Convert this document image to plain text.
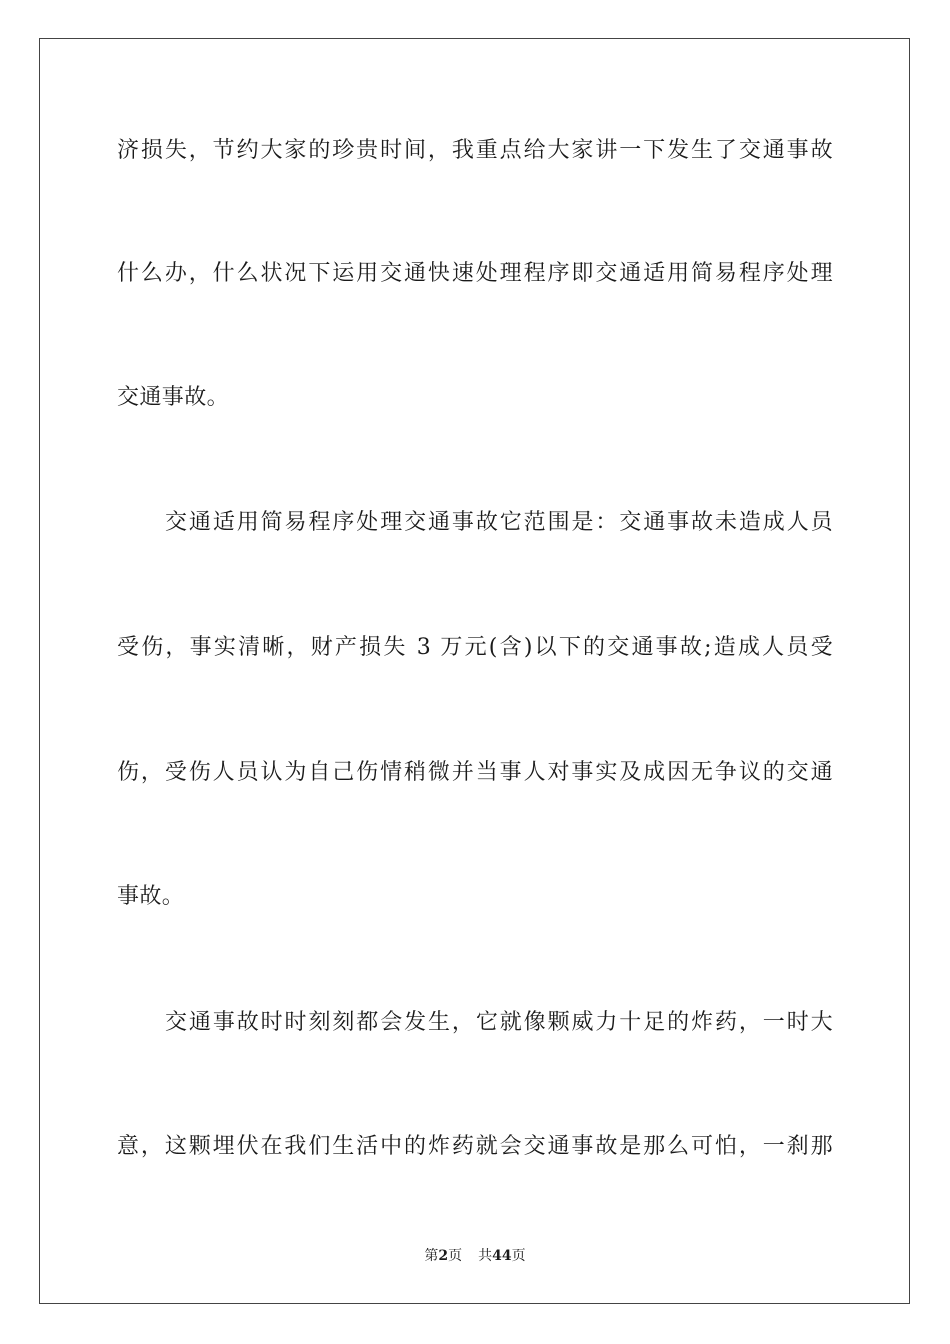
济损失，节约大家的珍贵时间，我重点给大家讲一下发生了交通事故
什么办，什么状况下运用交通快速处理程序即交通适用简易程序处理
交通事故。
交通适用简易程序处理交通事故它范围是：交通事故未造成人员
受伤，事实清晰，财产损失 3 万元(含)以下的交通事故;造成人员受
伤，受伤人员认为自己伤情稍微并当事人对事实及成因无争议的交通
事故。
交通事故时时刻刻都会发生，它就像颗威力十足的炸药，一时大
意，这颗埋伏在我们生活中的炸药就会交通事故是那么可怕，一刹那
第2页 共44页
